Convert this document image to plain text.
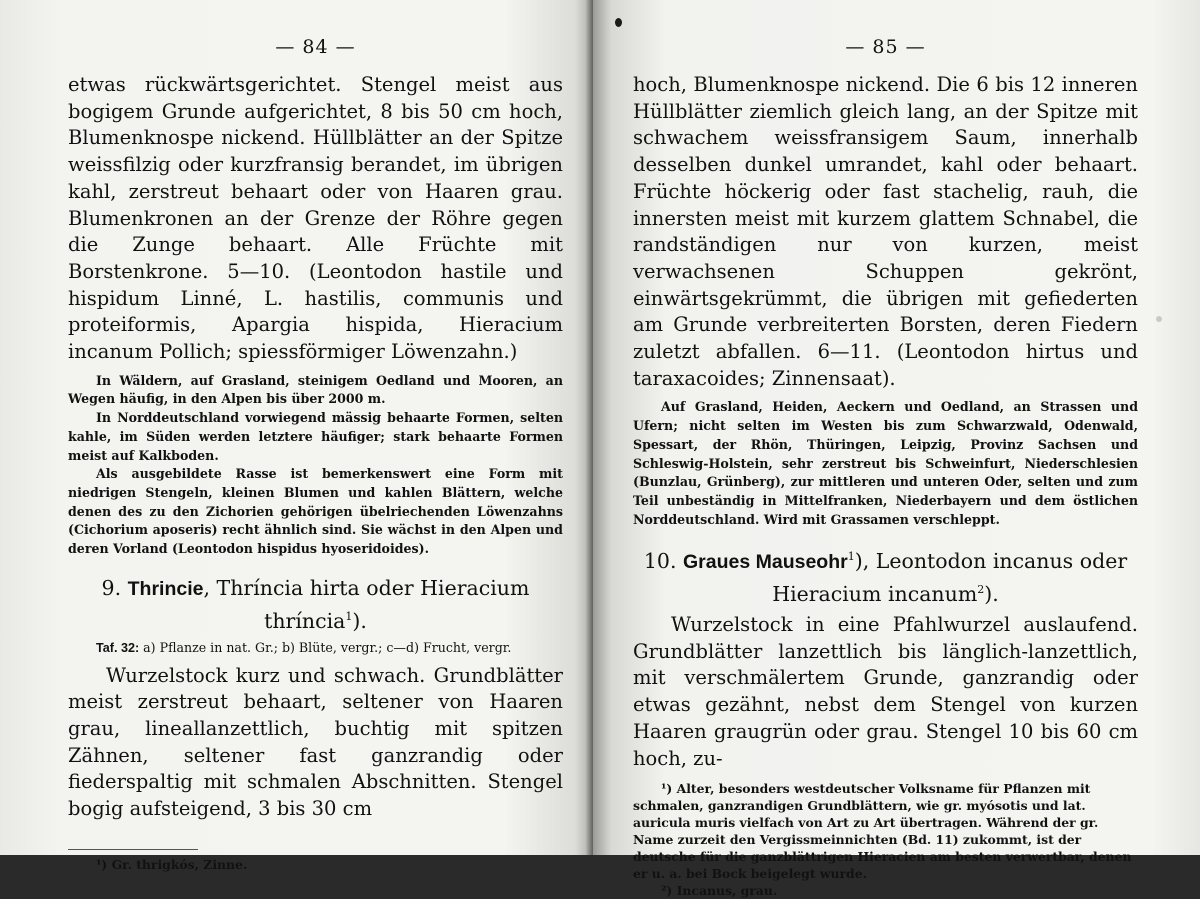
— 84 —

etwas rückwärtsgerichtet. Stengel meist aus bogigem Grunde aufgerichtet, 8 bis 50 cm hoch, Blumenknospe nickend. Hüllblätter an der Spitze weissfilzig oder kurzfransig berandet, im übrigen kahl, zerstreut behaart oder von Haaren grau. Blumenkronen an der Grenze der Röhre gegen die Zunge behaart. Alle Früchte mit Borstenkrone. 5—10. (Leontodon hastile und hispidum Linné, L. hastilis, communis und proteiformis, Apargia hispida, Hieracium incanum Pollich; spiessförmiger Löwenzahn.)

In Wäldern, auf Grasland, steinigem Oedland und Mooren, an Wegen häufig, in den Alpen bis über 2000 m.

In Norddeutschland vorwiegend mässig behaarte Formen, selten kahle, im Süden werden letztere häufiger; stark behaarte Formen meist auf Kalkboden.

Als ausgebildete Rasse ist bemerkenswert eine Form mit niedrigen Stengeln, kleinen Blumen und kahlen Blättern, welche denen des zu den Zichorien gehörigen übelriechenden Löwenzahns (Cichorium aposeris) recht ähnlich sind. Sie wächst in den Alpen und deren Vorland (Leontodon hispidus hyoseridoides).

9. Thrincie, Thríncia hirta oder Hieracium
thríncia$^1$).

Taf. 32: a) Pflanze in nat. Gr.; b) Blüte, vergr.; c—d) Frucht, vergr.

Wurzelstock kurz und schwach. Grundblätter meist zerstreut behaart, seltener von Haaren grau, lineallanzettlich, buchtig mit spitzen Zähnen, seltener fast ganzrandig oder fiederspaltig mit schmalen Abschnitten. Stengel bogig aufsteigend, 3 bis 30 cm

¹) Gr. thrigkós, Zinne.

— 85 —

hoch, Blumenknospe nickend. Die 6 bis 12 inneren Hüllblätter ziemlich gleich lang, an der Spitze mit schwachem weissfransigem Saum, innerhalb desselben dunkel umrandet, kahl oder behaart. Früchte höckerig oder fast stachelig, rauh, die innersten meist mit kurzem glattem Schnabel, die randständigen nur von kurzen, meist verwachsenen Schuppen gekrönt, einwärtsgekrümmt, die übrigen mit gefiederten am Grunde verbreiterten Borsten, deren Fiedern zuletzt abfallen. 6—11. (Leontodon hirtus und taraxacoides; Zinnensaat).

Auf Grasland, Heiden, Aeckern und Oedland, an Strassen und Ufern; nicht selten im Westen bis zum Schwarzwald, Odenwald, Spessart, der Rhön, Thüringen, Leipzig, Provinz Sachsen und Schleswig-Holstein, sehr zerstreut bis Schweinfurt, Niederschlesien (Bunzlau, Grünberg), zur mittleren und unteren Oder, selten und zum Teil unbeständig in Mittelfranken, Niederbayern und dem östlichen Norddeutschland. Wird mit Grassamen verschleppt.

10. Graues Mauseohr$^1$), Leontodon incanus oder
Hieracium incanum$^2$).

Wurzelstock in eine Pfahlwurzel auslaufend. Grundblätter lanzettlich bis länglich-lanzettlich, mit verschmälertem Grunde, ganzrandig oder etwas gezähnt, nebst dem Stengel von kurzen Haaren graugrün oder grau. Stengel 10 bis 60 cm hoch, zu-

¹) Alter, besonders westdeutscher Volksname für Pflanzen mit schmalen, ganzrandigen Grundblättern, wie gr. myósotis und lat. auricula muris vielfach von Art zu Art übertragen. Während der gr. Name zurzeit den Vergissmeinnichten (Bd. 11) zukommt, ist der deutsche für die ganzblättrigen Hieracien am besten verwertbar, denen er u. a. bei Bock beigelegt wurde.

²) Incanus, grau.
